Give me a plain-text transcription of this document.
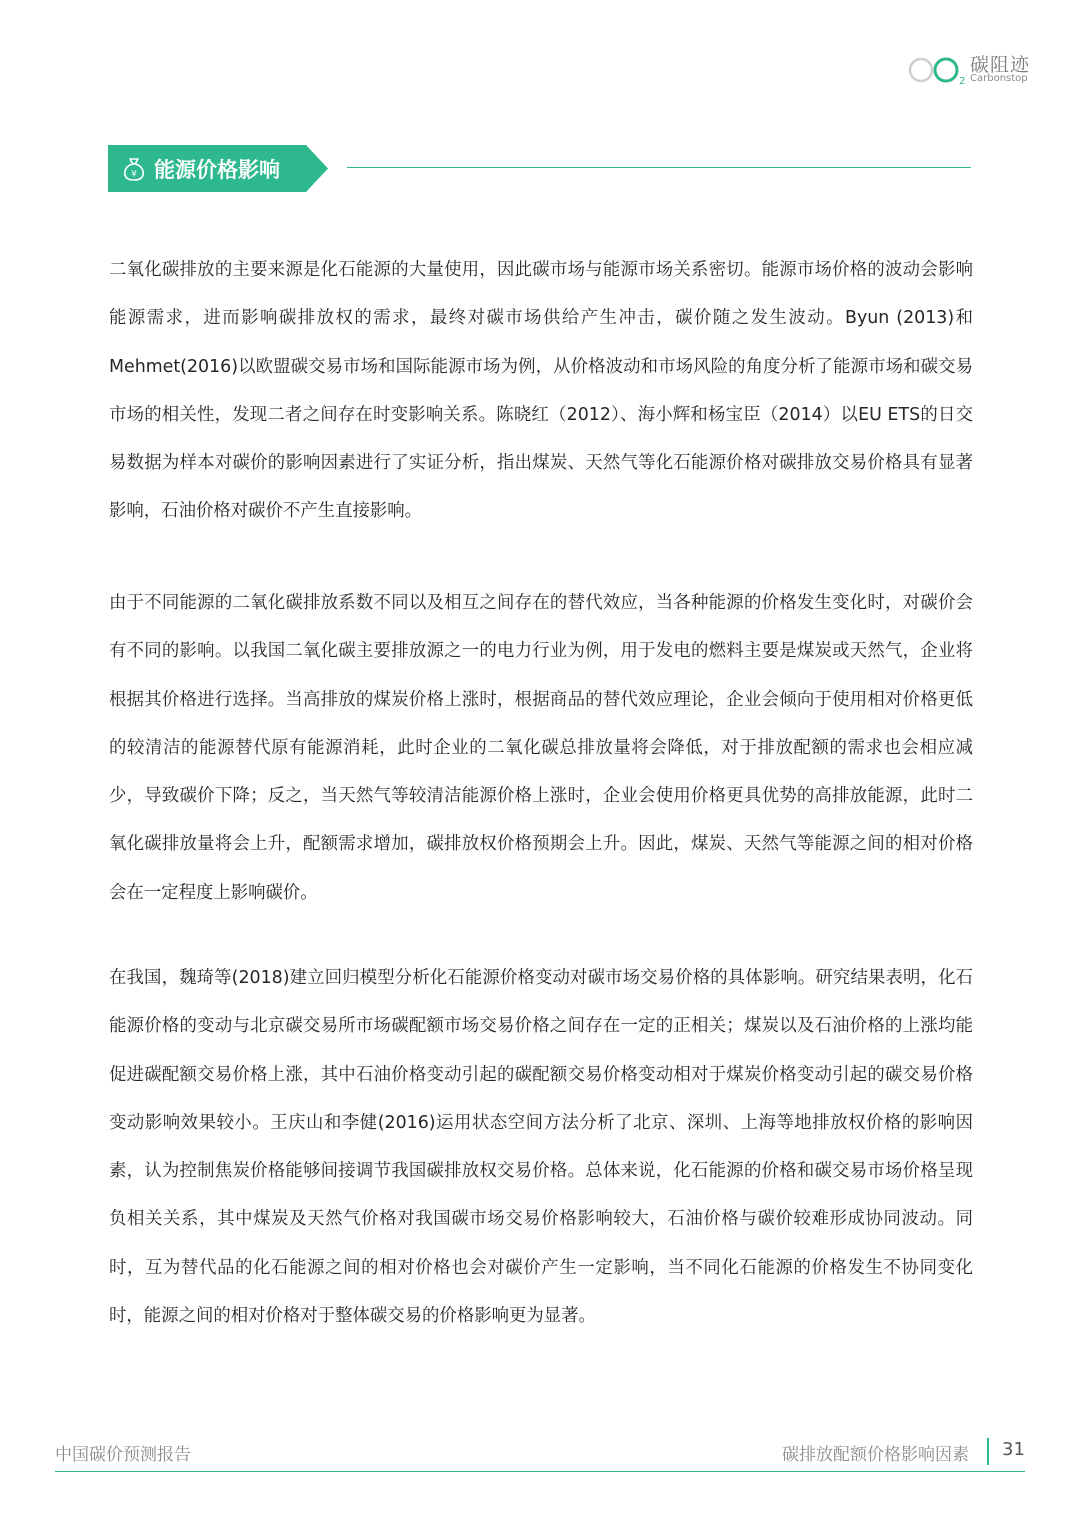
2
碳阻迹
Carbonstop
¥ 能源价格影响

二氧化碳排放的主要来源是化石能源的大量使用，因此碳市场与能源市场关系密切。能源市场价格的波动会影响能源需求，进而影响碳排放权的需求，最终对碳市场供给产生冲击，碳价随之发生波动。Byun (2013)和Mehmet(2016)以欧盟碳交易市场和国际能源市场为例，从价格波动和市场风险的角度分析了能源市场和碳交易市场的相关性，发现二者之间存在时变影响关系。陈晓红（2012）、海小辉和杨宝臣（2014）以EU ETS的日交易数据为样本对碳价的影响因素进行了实证分析，指出煤炭、天然气等化石能源价格对碳排放交易价格具有显著影响，石油价格对碳价不产生直接影响。

由于不同能源的二氧化碳排放系数不同以及相互之间存在的替代效应，当各种能源的价格发生变化时，对碳价会有不同的影响。以我国二氧化碳主要排放源之一的电力行业为例，用于发电的燃料主要是煤炭或天然气，企业将根据其价格进行选择。当高排放的煤炭价格上涨时，根据商品的替代效应理论，企业会倾向于使用相对价格更低的较清洁的能源替代原有能源消耗，此时企业的二氧化碳总排放量将会降低，对于排放配额的需求也会相应减少，导致碳价下降；反之，当天然气等较清洁能源价格上涨时，企业会使用价格更具优势的高排放能源，此时二氧化碳排放量将会上升，配额需求增加，碳排放权价格预期会上升。因此，煤炭、天然气等能源之间的相对价格会在一定程度上影响碳价。

在我国，魏琦等(2018)建立回归模型分析化石能源价格变动对碳市场交易价格的具体影响。研究结果表明，化石能源价格的变动与北京碳交易所市场碳配额市场交易价格之间存在一定的正相关；煤炭以及石油价格的上涨均能促进碳配额交易价格上涨，其中石油价格变动引起的碳配额交易价格变动相对于煤炭价格变动引起的碳交易价格变动影响效果较小。王庆山和李健(2016)运用状态空间方法分析了北京、深圳、上海等地排放权价格的影响因素，认为控制焦炭价格能够间接调节我国碳排放权交易价格。总体来说，化石能源的价格和碳交易市场价格呈现负相关关系，其中煤炭及天然气价格对我国碳市场交易价格影响较大，石油价格与碳价较难形成协同波动。同时，互为替代品的化石能源之间的相对价格也会对碳价产生一定影响，当不同化石能源的价格发生不协同变化时，能源之间的相对价格对于整体碳交易的价格影响更为显著。

中国碳价预测报告	碳排放配额价格影响因素 31
